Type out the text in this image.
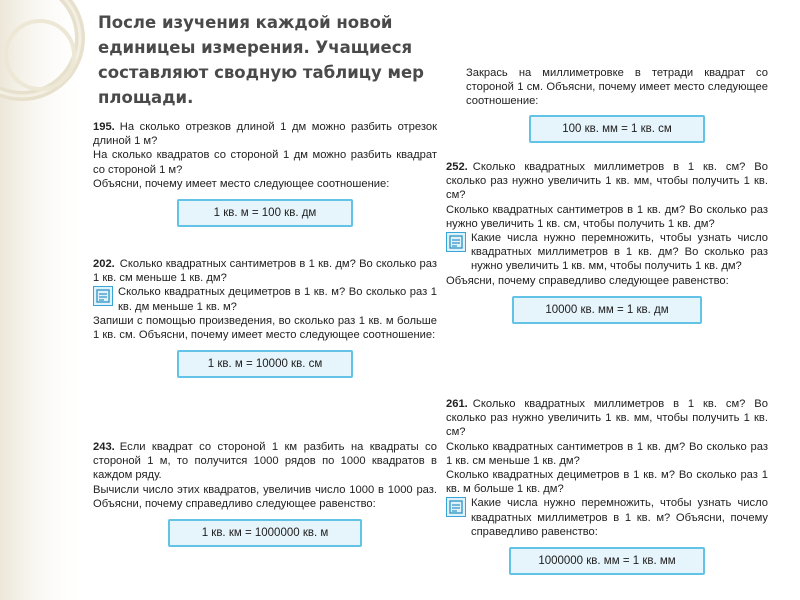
После изучения каждой новой единицеы измерения. Учащиеся составляют сводную таблицу мер площади.

Закрась на миллиметровке в тетради квадрат со стороной 1 см. Объясни, почему имеет место следующее соотношение:

100 кв. мм = 1 кв. см

195. На сколько отрезков длиной 1 дм можно разбить отрезок длиной 1 м?

На сколько квадратов со стороной 1 дм можно разбить квадрат со стороной 1 м?

Объясни, почему имеет место следующее соотношение:

1 кв. м = 100 кв. дм

202. Сколько квадратных сантиметров в 1 кв. дм? Во сколько раз 1 кв. см меньше 1 кв. дм?

Сколько квадратных дециметров в 1 кв. м? Во сколько раз 1 кв. дм меньше 1 кв. м?

Запиши с помощью произведения, во сколько раз 1 кв. м больше 1 кв. см. Объясни, почему имеет место следующее соотношение:

1 кв. м = 10000 кв. см

243. Если квадрат со стороной 1 км разбить на квадраты со стороной 1 м, то получится 1000 рядов по 1000 квадратов в каждом ряду.

Вычисли число этих квадратов, увеличив число 1000 в 1000 раз. Объясни, почему справедливо следующее равенство:

1 кв. км = 1000000 кв. м

252. Сколько квадратных миллиметров в 1 кв. см? Во сколько раз нужно увеличить 1 кв. мм, чтобы получить 1 кв. см?

Сколько квадратных сантиметров в 1 кв. дм? Во сколько раз нужно увеличить 1 кв. см, чтобы получить 1 кв. дм?

Какие числа нужно перемножить, чтобы узнать число квадратных миллиметров в 1 кв. дм? Во сколько раз нужно увеличить 1 кв. мм, чтобы получить 1 кв. дм?

Объясни, почему справедливо следующее равенство:

10000 кв. мм = 1 кв. дм

261. Сколько квадратных миллиметров в 1 кв. см? Во сколько раз нужно увеличить 1 кв. мм, чтобы получить 1 кв. см?

Сколько квадратных сантиметров в 1 кв. дм? Во сколько раз 1 кв. см меньше 1 кв. дм?

Сколько квадратных дециметров в 1 кв. м? Во сколько раз 1 кв. м больше 1 кв. дм?

Какие числа нужно перемножить, чтобы узнать число квадратных миллиметров в 1 кв. м? Объясни, почему справедливо равенство:

1000000 кв. мм = 1 кв. мм
